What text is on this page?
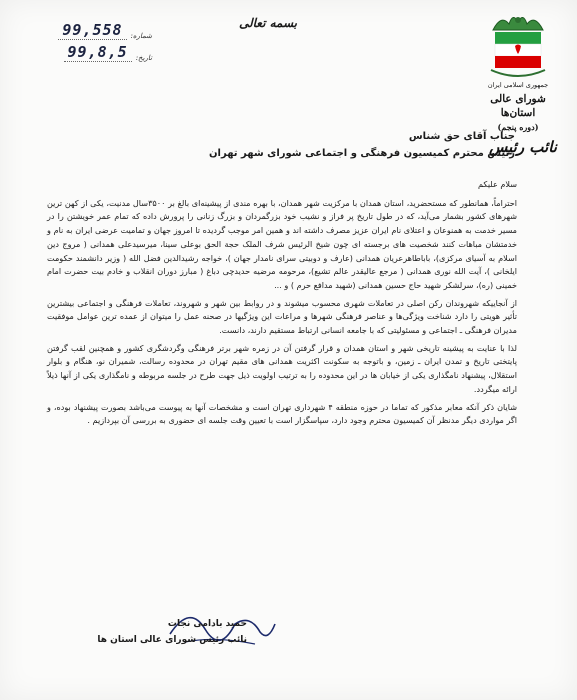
شماره:
99,558
تاریخ:
99,8,5
بسمه تعالی
جمهوری اسلامی ایران
شورای عالی استان‌ها
(دوره پنجم)
نائب رئیس
جناب آقای حق شناس
رئیس محترم کمیسیون فرهنگی و اجتماعی شورای شهر تهران

سلام علیکم

احتراماً، همانطور که مستحضرید، استان همدان با مرکزیت شهر همدان، با بهره مندی از پیشینه‌ای بالغ بر ۳۵۰۰سال مدنیت، یکی از کهن ترین شهرهای کشور بشمار می‌آید، که در طول تاریخ پر فراز و نشیب خود بزرگمردان و بزرگ زنانی را پرورش داده که تمام عمر خویشتن را در مسیر خدمت به همنوعان و اعتلای نام ایران عزیز مصرف داشته اند و همین امر موجب گردیده تا امروز جهان و تمامیت عرضی ایران به نام و خدمتشان مباهات کنند شخصیت های برجسته ای چون شیخ الرئیس شرف الملک حجة الحق بوعلی سینا، میرسیدعلی همدانی ( مروج دین اسلام به آسیای مرکزی)، باباطاهرعریان همدانی (عارف و دوبیتی سرای نامدار جهان )، خواجه رشیدالدین فضل الله ( وزیر دانشمند حکومت ایلخانی )، آیت الله نوری همدانی ( مرجع عالیقدر عالم تشیع)، مرحومه مرضیه حدیدچی دباغ ( مبارز دوران انقلاب و خادم بیت حضرت امام خمینی (ره)، سرلشکر شهید حاج حسین همدانی (شهید مدافع حرم ) و ...

از آنجاییکه شهروندان رکن اصلی در تعاملات شهری محسوب میشوند و در روابط بین شهر و شهروند، تعاملات فرهنگی و اجتماعی بیشترین تأثیر هویتی را دارد شناخت ویژگی‌ها و عناصر فرهنگی شهرها و مراعات این ویژگیها در صحنه عمل را میتوان از عمده ترین عوامل موفقیت مدیران فرهنگی ـ اجتماعی و مسئولیتی که با جامعه انسانی ارتباط مستقیم دارند، دانست.

لذا با عنایت به پیشینه تاریخی شهر و استان همدان و قرار گرفتن آن در زمره شهر برتر فرهنگی وگردشگری کشور و همچنین لقب گرفتن پایتختی تاریخ و تمدن ایران ـ زمین، و باتوجه به سکونت اکثریت همدانی های مقیم تهران در محدوده رسالت، شمیران نو، هنگام و بلوار استقلال، پیشنهاد نامگذاری یکی از خیابان ها در این محدوده را به ترتیب اولویت ذیل جهت طرح در جلسه مربوطه و نامگذاری یکی از آنها ذیلاً ارائه میگردد.

شایان ذکر آنکه معابر مذکور که تماما در حوزه منطقه ۴ شهرداری تهران است و مشخصات آنها به پیوست می‌باشد بصورت پیشنهاد بوده، و اگر مواردی دیگر مدنظر آن کمیسیون محترم وجود دارد، سپاسگزار است با تعیین وقت جلسه ای حضوری به بررسی آن بپردازیم .

حمید بادامی نجات
نائب رئیس شورای عالی استان ها
